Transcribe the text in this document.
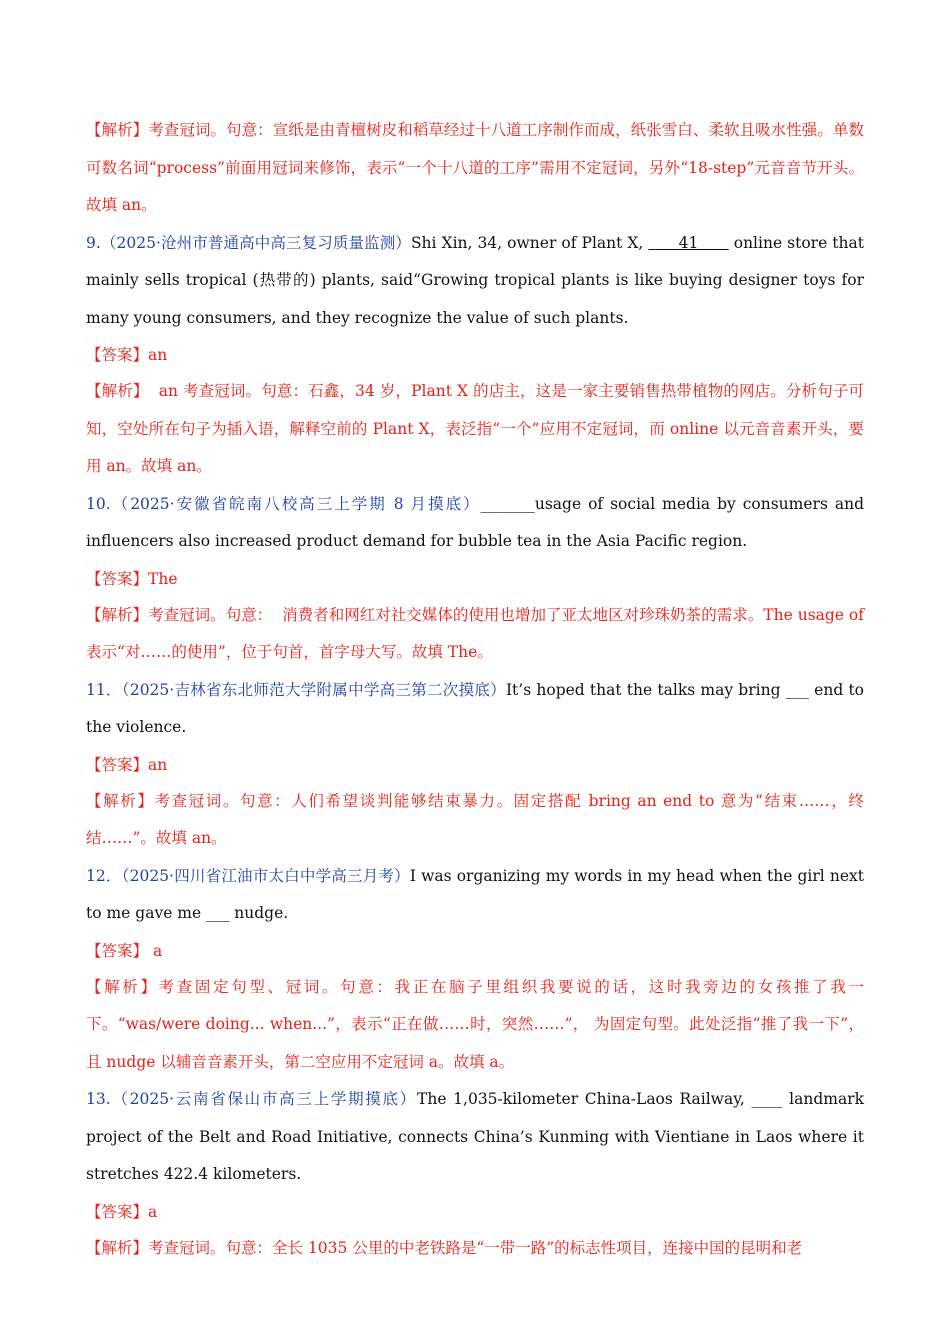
【解析】考查冠词。句意：宣纸是由青檀树皮和稻草经过十八道工序制作而成，纸张雪白、柔软且吸水性强。单数可数名词“process”前面用冠词来修饰，表示“一个十八道的工序”需用不定冠词，另外“18-step”元音音节开头。故填 an。

9.（2025·沧州市普通高中高三复习质量监测）Shi Xin, 34, owner of Plant X,       41       online store that mainly sells tropical (热带的) plants, said“Growing tropical plants is like buying designer toys for many young consumers, and they recognize the value of such plants.

【答案】an

【解析】  an 考查冠词。句意：石鑫，34 岁，Plant X 的店主，这是一家主要销售热带植物的网店。分析句子可知，空处所在句子为插入语，解释空前的 Plant X，表泛指“一个”应用不定冠词，而 online 以元音音素开头，要用 an。故填 an。

10.（2025·安徽省皖南八校高三上学期 8 月摸底）_______usage of social media by consumers and influencers also increased product demand for bubble tea in the Asia Pacific region.

【答案】The

【解析】考查冠词。句意：  消费者和网红对社交媒体的使用也增加了亚太地区对珍珠奶茶的需求。The usage of 表示“对……的使用”，位于句首，首字母大写。故填 The。

11．（2025·吉林省东北师范大学附属中学高三第二次摸底）It’s hoped that the talks may bring ___ end to the violence.

【答案】an

【解析】考查冠词。句意：人们希望谈判能够结束暴力。固定搭配 bring an end to 意为“结束……，终结……”。故填 an。

12．（2025·四川省江油市太白中学高三月考）I was organizing my words in my head when the girl next to me gave me ___ nudge.

【答案】 a

【解析】考查固定句型、冠词。句意：我正在脑子里组织我要说的话，这时我旁边的女孩推了我一下。“was/were doing... when...”，表示“正在做……时，突然……”， 为固定句型。此处泛指“推了我一下”，且 nudge 以辅音音素开头，第二空应用不定冠词 a。故填 a。

13.（2025·云南省保山市高三上学期摸底）The 1,035-kilometer China-Laos Railway, ____ landmark project of the Belt and Road Initiative, connects China’s Kunming with Vientiane in Laos where it stretches 422.4 kilometers.

【答案】a

【解析】考查冠词。句意：全长 1035 公里的中老铁路是“一带一路”的标志性项目，连接中国的昆明和老
